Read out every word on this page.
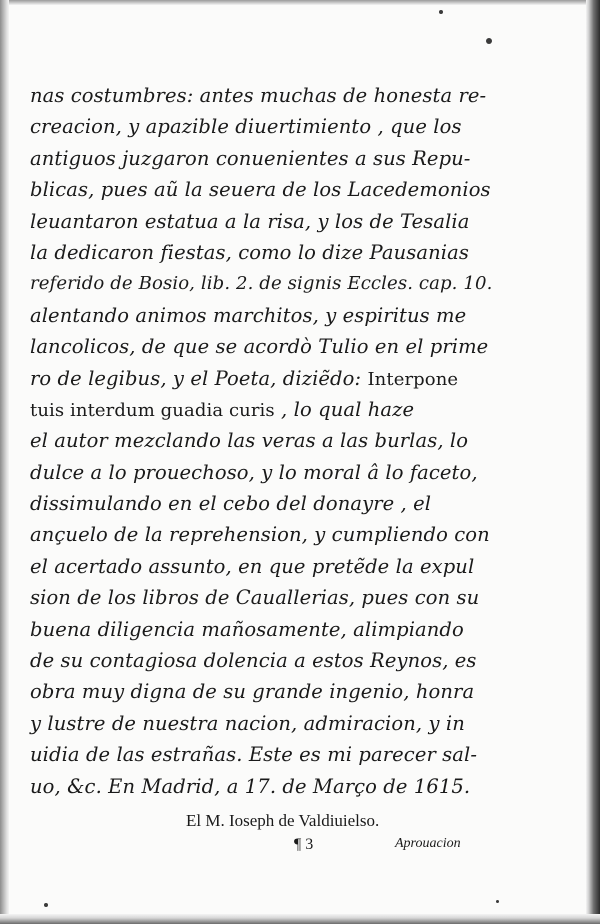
nas costumbres: antes muchas de honesta re-
creacion, y apazible diuertimiento , que los
antiguos juzgaron conuenientes a sus Repu-
blicas, pues aũ la seuera de los Lacedemonios
leuantaron estatua a la risa, y los de Tesalia
la dedicaron fiestas, como lo dize Pausanias
referido de Bosio, lib. 2. de signis Eccles. cap. 10.
alentando animos marchitos, y espiritus me
lancolicos, de que se acordò Tulio en el prime
ro de legibus, y el Poeta, diziẽdo: Interpone
tuis interdum guadia curis , lo qual haze
el autor mezclando las veras a las burlas, lo
dulce a lo prouechoso, y lo moral â lo faceto,
dissimulando en el cebo del donayre , el
ançuelo de la reprehension, y cumpliendo con
el acertado assunto, en que pretẽde la expul
sion de los libros de Cauallerias, pues con su
buena diligencia mañosamente, alimpiando
de su contagiosa dolencia a estos Reynos, es
obra muy digna de su grande ingenio, honra
y lustre de nuestra nacion, admiracion, y in
uidia de las estrañas. Este es mi parecer sal-
uo, &c. En Madrid, a 17. de Março de 1615.
El M. Ioseph de Valdiuielso.
¶ 3	Aprouacion
